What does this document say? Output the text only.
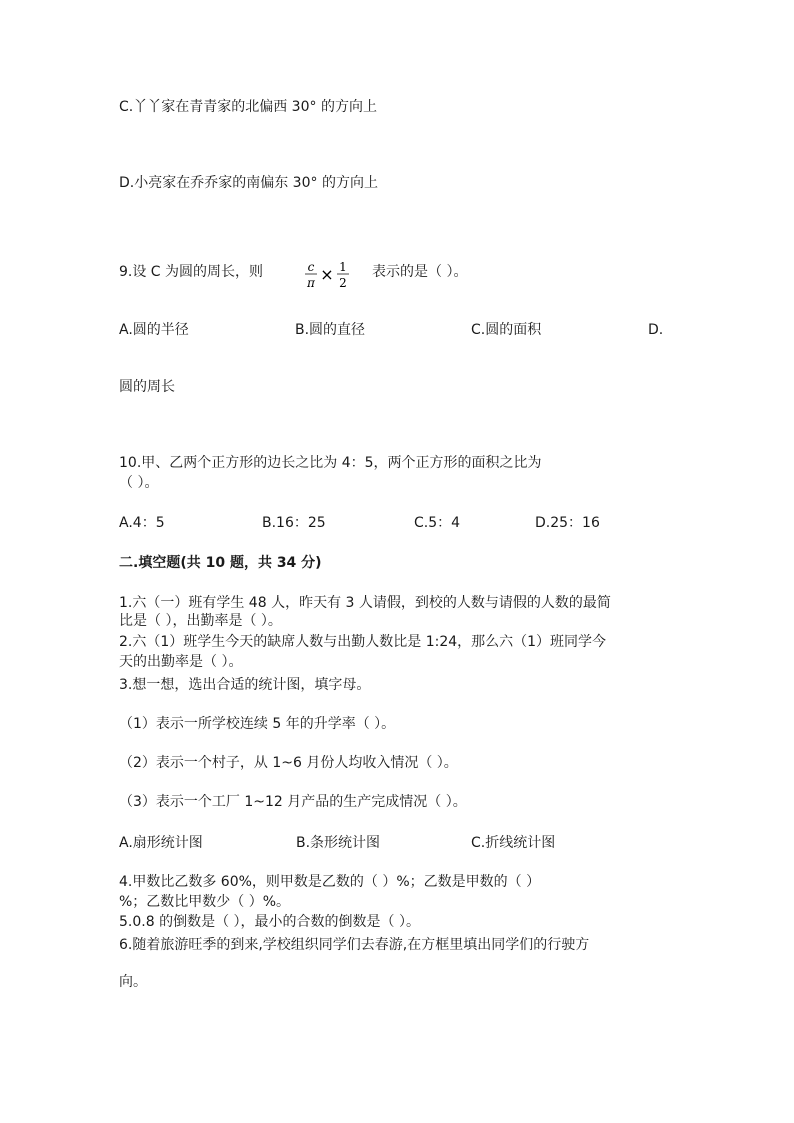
C.丫丫家在青青家的北偏西 30° 的方向上
D.小亮家在乔乔家的南偏东 30° 的方向上
9.设 C 为圆的周长，则	c
π × 1
2
表示的是（ ）。
A.圆的半径	B.圆的直径	C.圆的面积	D.
圆的周长
10.甲、乙两个正方形的边长之比为 4：5，两个正方形的面积之比为
（ ）。
A.4：5	B.16：25	C.5：4	D.25：16
二.填空题(共 10 题，共 34 分)
1.六（一）班有学生 48 人，昨天有 3 人请假，到校的人数与请假的人数的最简
比是（ ），出勤率是（ ）。
2.六（1）班学生今天的缺席人数与出勤人数比是 1:24，那么六（1）班同学今
天的出勤率是（ ）。
3.想一想，选出合适的统计图，填字母。
（1）表示一所学校连续 5 年的升学率（ ）。
（2）表示一个村子，从 1~6 月份人均收入情况（ ）。
（3）表示一个工厂 1~12 月产品的生产完成情况（ ）。
A.扇形统计图	B.条形统计图	C.折线统计图
4.甲数比乙数多 60%，则甲数是乙数的（ ）%；乙数是甲数的（ ）
%；乙数比甲数少（ ）%。
5.0.8 的倒数是（ ），最小的合数的倒数是（ ）。
6.随着旅游旺季的到来,学校组织同学们去春游,在方框里填出同学们的行驶方
向。
